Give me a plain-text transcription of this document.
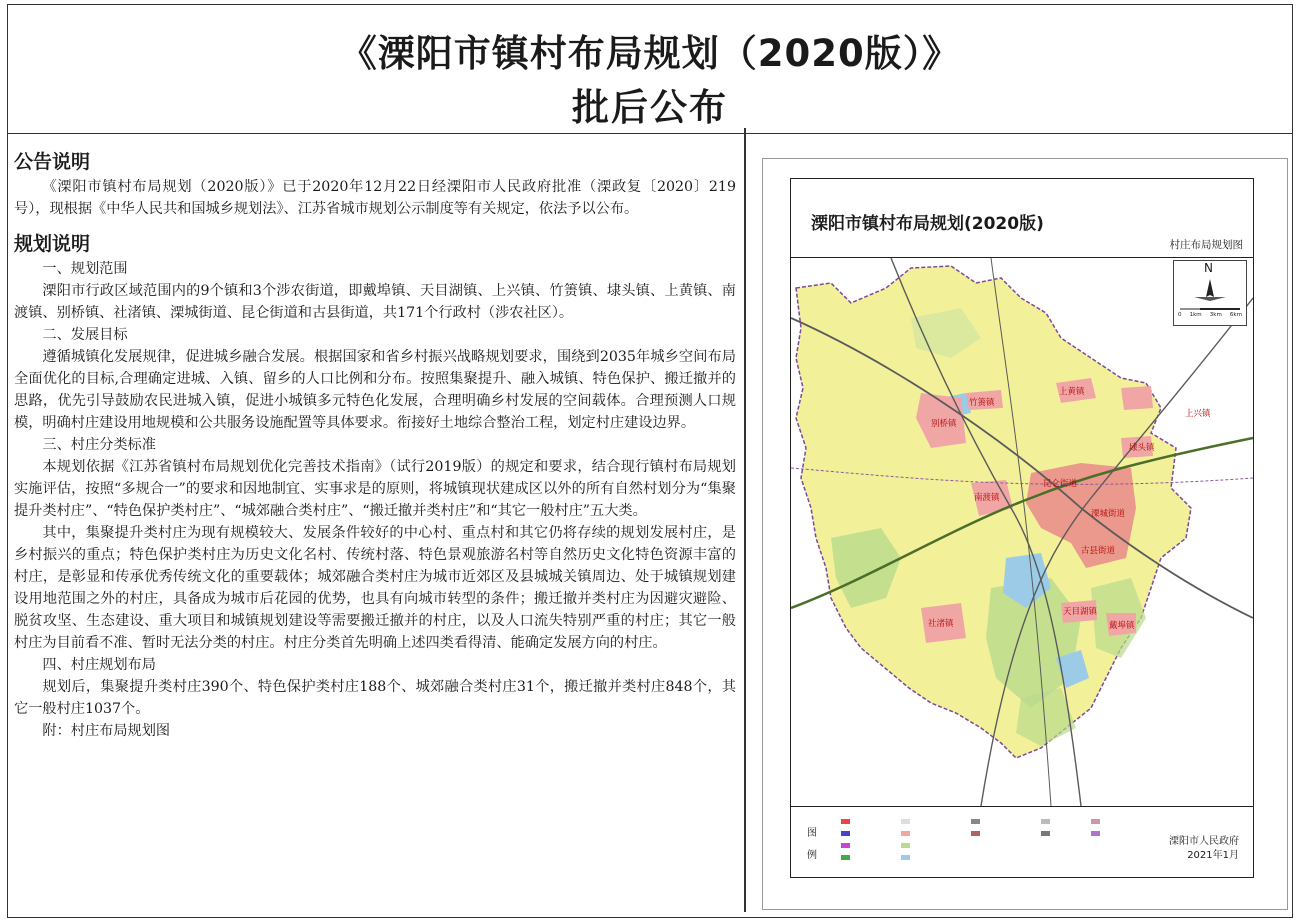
《溧阳市镇村布局规划（2020版）》
批后公布
公告说明

《溧阳市镇村布局规划（2020版）》已于2020年12月22日经溧阳市人民政府批准（溧政复〔2020〕219号），现根据《中华人民共和国城乡规划法》、江苏省城市规划公示制度等有关规定，依法予以公布。

规划说明
一、规划范围

溧阳市行政区域范围内的9个镇和3个涉农街道，即戴埠镇、天目湖镇、上兴镇、竹箦镇、埭头镇、上黄镇、南渡镇、别桥镇、社渚镇、溧城街道、昆仑街道和古县街道，共171个行政村（涉农社区）。

二、发展目标

遵循城镇化发展规律，促进城乡融合发展。根据国家和省乡村振兴战略规划要求，围绕到2035年城乡空间布局全面优化的目标,合理确定进城、入镇、留乡的人口比例和分布。按照集聚提升、融入城镇、特色保护、搬迁撤并的思路，优先引导鼓励农民进城入镇，促进小城镇多元特色化发展，合理明确乡村发展的空间载体。合理预测人口规模，明确村庄建设用地规模和公共服务设施配置等具体要求。衔接好土地综合整治工程，划定村庄建设边界。

三、村庄分类标准

本规划依据《江苏省镇村布局规划优化完善技术指南》（试行2019版）的规定和要求，结合现行镇村布局规划实施评估，按照“多规合一”的要求和因地制宜、实事求是的原则，将城镇现状建成区以外的所有自然村划分为“集聚提升类村庄”、“特色保护类村庄”、“城郊融合类村庄”、“搬迁撤并类村庄”和“其它一般村庄”五大类。

其中，集聚提升类村庄为现有规模较大、发展条件较好的中心村、重点村和其它仍将存续的规划发展村庄，是乡村振兴的重点；特色保护类村庄为历史文化名村、传统村落、特色景观旅游名村等自然历史文化特色资源丰富的村庄，是彰显和传承优秀传统文化的重要载体；城郊融合类村庄为城市近郊区及县城城关镇周边、处于城镇规划建设用地范围之外的村庄，具备成为城市后花园的优势，也具有向城市转型的条件；搬迁撤并类村庄为因避灾避险、脱贫攻坚、生态建设、重大项目和城镇规划建设等需要搬迁撤并的村庄，以及人口流失特别严重的村庄；其它一般村庄为目前看不准、暂时无法分类的村庄。村庄分类首先明确上述四类看得清、能确定发展方向的村庄。

四、村庄规划布局

规划后，集聚提升类村庄390个、特色保护类村庄188个、城郊融合类村庄31个，搬迁撤并类村庄848个，其它一般村庄1037个。

附：村庄布局规划图

溧阳市镇村布局规划(2020版)
村庄布局规划图
别桥镇
竹箦镇
上兴镇
上黄镇
埭头镇
南渡镇
昆仑街道
溧城街道
古县街道
社渚镇
天目湖镇
戴埠镇
N
0 1km 3km 6km
图例
溧阳市人民政府
2021年1月
